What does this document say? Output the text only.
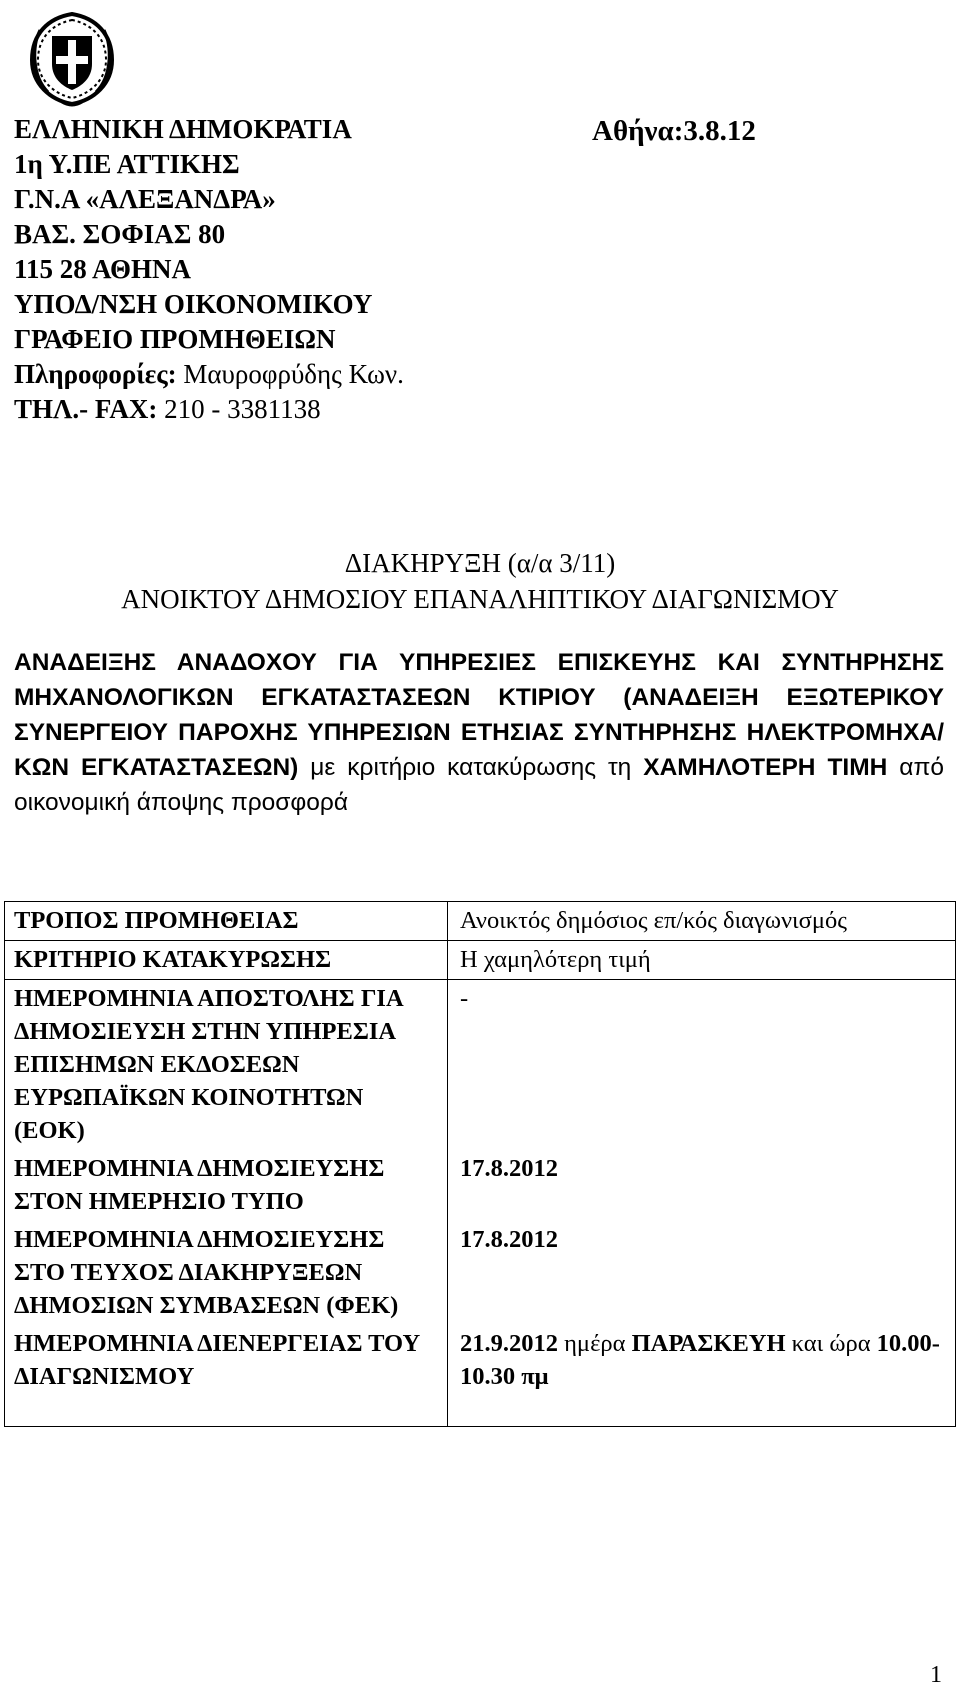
ΕΛΛΗΝΙΚΗ ΔΗΜΟΚΡΑΤΙΑ
1η Υ.ΠΕ ΑΤΤΙΚΗΣ
Γ.Ν.Α «ΑΛΕΞΑΝΔΡΑ»
ΒΑΣ. ΣΟΦΙΑΣ 80
115 28 ΑΘΗΝΑ
ΥΠΟΔ/ΝΣΗ ΟΙΚΟΝΟΜΙΚΟΥ
ΓΡΑΦΕΙΟ ΠΡΟΜΗΘΕΙΩΝ
Πληροφορίες: Μαυροφρύδης Κων.
ΤΗΛ.- FAX: 210 - 3381138
Αθήνα:3.8.12
ΔΙΑΚΗΡΥΞΗ (α/α 3/11)
ΑΝΟΙΚΤΟΥ ΔΗΜΟΣΙΟΥ ΕΠΑΝΑΛΗΠΤΙΚΟΥ ΔΙΑΓΩΝΙΣΜΟΥ
ΑΝΑΔΕΙΞΗΣ ΑΝΑΔΟΧΟΥ ΓΙΑ ΥΠΗΡΕΣΙΕΣ ΕΠΙΣΚΕΥΗΣ ΚΑΙ ΣΥΝΤΗΡΗΣΗΣ ΜΗΧΑΝΟΛΟΓΙΚΩΝ ΕΓΚΑΤΑΣΤΑΣΕΩΝ ΚΤΙΡΙΟΥ (ΑΝΑΔΕΙΞΗ ΕΞΩΤΕΡΙΚΟΥ ΣΥΝΕΡΓΕΙΟΥ ΠΑΡΟΧΗΣ ΥΠΗΡΕΣΙΩΝ ΕΤΗΣΙΑΣ ΣΥΝΤΗΡΗΣΗΣ ΗΛΕΚΤΡΟΜΗΧΑ/ΚΩΝ ΕΓΚΑΤΑΣΤΑΣΕΩΝ) με κριτήριο κατακύρωσης τη ΧΑΜΗΛΟΤΕΡΗ ΤΙΜΗ από οικονομική άποψης προσφορά
ΤΡΟΠΟΣ ΠΡΟΜΗΘΕΙΑΣ	Ανοικτός δημόσιος επ/κός διαγωνισμός
ΚΡΙΤΗΡΙΟ ΚΑΤΑΚΥΡΩΣΗΣ	Η χαμηλότερη τιμή
ΗΜΕΡΟΜΗΝΙΑ ΑΠΟΣΤΟΛΗΣ ΓΙΑ ΔΗΜΟΣΙΕΥΣΗ ΣΤΗΝ ΥΠΗΡΕΣΙΑ ΕΠΙΣΗΜΩΝ ΕΚΔΟΣΕΩΝ ΕΥΡΩΠΑΪΚΩΝ ΚΟΙΝΟΤΗΤΩΝ (ΕΟΚ)	-
ΗΜΕΡΟΜΗΝΙΑ ΔΗΜΟΣΙΕΥΣΗΣ ΣΤΟΝ ΗΜΕΡΗΣΙΟ ΤΥΠΟ	17.8.2012
ΗΜΕΡΟΜΗΝΙΑ ΔΗΜΟΣΙΕΥΣΗΣ ΣΤΟ ΤΕΥΧΟΣ ΔΙΑΚΗΡΥΞΕΩΝ ΔΗΜΟΣΙΩΝ ΣΥΜΒΑΣΕΩΝ (ΦΕΚ)	17.8.2012
ΗΜΕΡΟΜΗΝΙΑ ΔΙΕΝΕΡΓΕΙΑΣ ΤΟΥ ΔΙΑΓΩΝΙΣΜΟΥ	21.9.2012 ημέρα ΠΑΡΑΣΚΕΥΗ και ώρα 10.00-10.30 πμ
1
